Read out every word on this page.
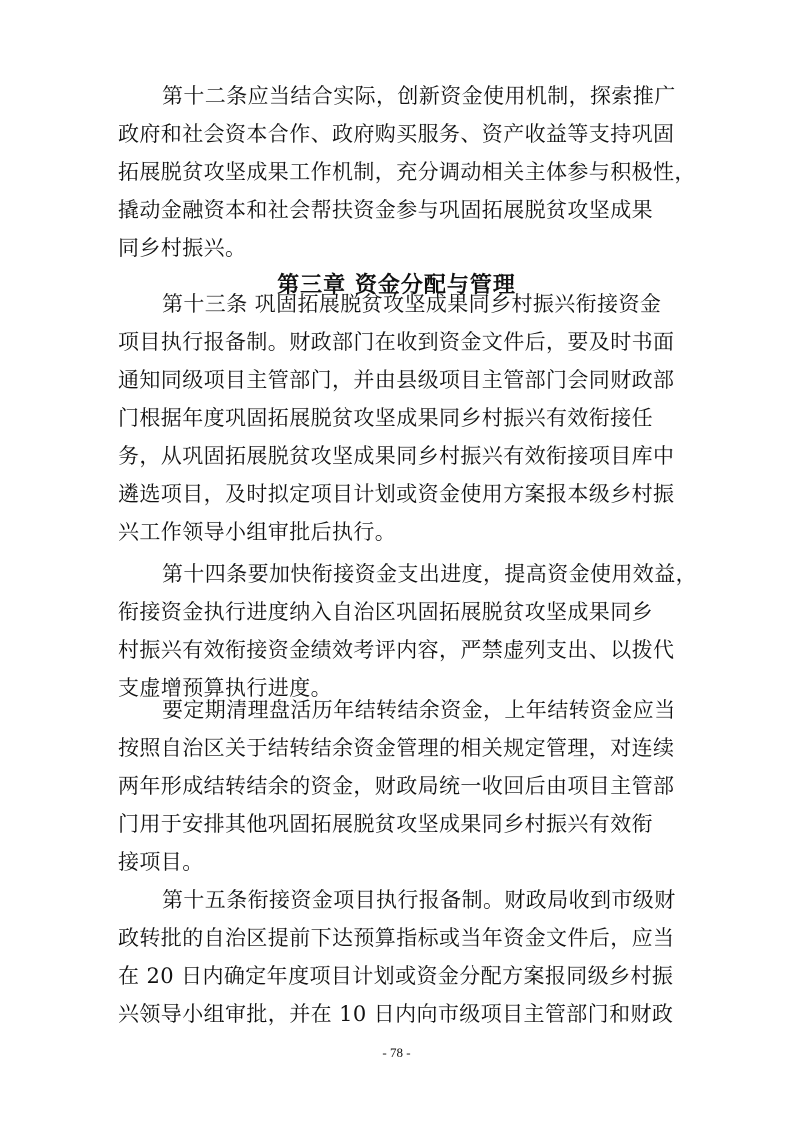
第十二条应当结合实际，创新资金使用机制，探索推广
政府和社会资本合作、政府购买服务、资产收益等支持巩固
拓展脱贫攻坚成果工作机制，充分调动相关主体参与积极性，
撬动金融资本和社会帮扶资金参与巩固拓展脱贫攻坚成果
同乡村振兴。
第三章 资金分配与管理
第十三条 巩固拓展脱贫攻坚成果同乡村振兴衔接资金
项目执行报备制。财政部门在收到资金文件后，要及时书面
通知同级项目主管部门，并由县级项目主管部门会同财政部
门根据年度巩固拓展脱贫攻坚成果同乡村振兴有效衔接任
务，从巩固拓展脱贫攻坚成果同乡村振兴有效衔接项目库中
遴选项目，及时拟定项目计划或资金使用方案报本级乡村振
兴工作领导小组审批后执行。
第十四条要加快衔接资金支出进度，提高资金使用效益，
衔接资金执行进度纳入自治区巩固拓展脱贫攻坚成果同乡
村振兴有效衔接资金绩效考评内容，严禁虚列支出、以拨代
支虚增预算执行进度。
要定期清理盘活历年结转结余资金，上年结转资金应当
按照自治区关于结转结余资金管理的相关规定管理，对连续
两年形成结转结余的资金，财政局统一收回后由项目主管部
门用于安排其他巩固拓展脱贫攻坚成果同乡村振兴有效衔
接项目。
第十五条衔接资金项目执行报备制。财政局收到市级财
政转批的自治区提前下达预算指标或当年资金文件后，应当
在 20 日内确定年度项目计划或资金分配方案报同级乡村振
- 78 -
兴领导小组审批，并在 10 日内向市级项目主管部门和财政
